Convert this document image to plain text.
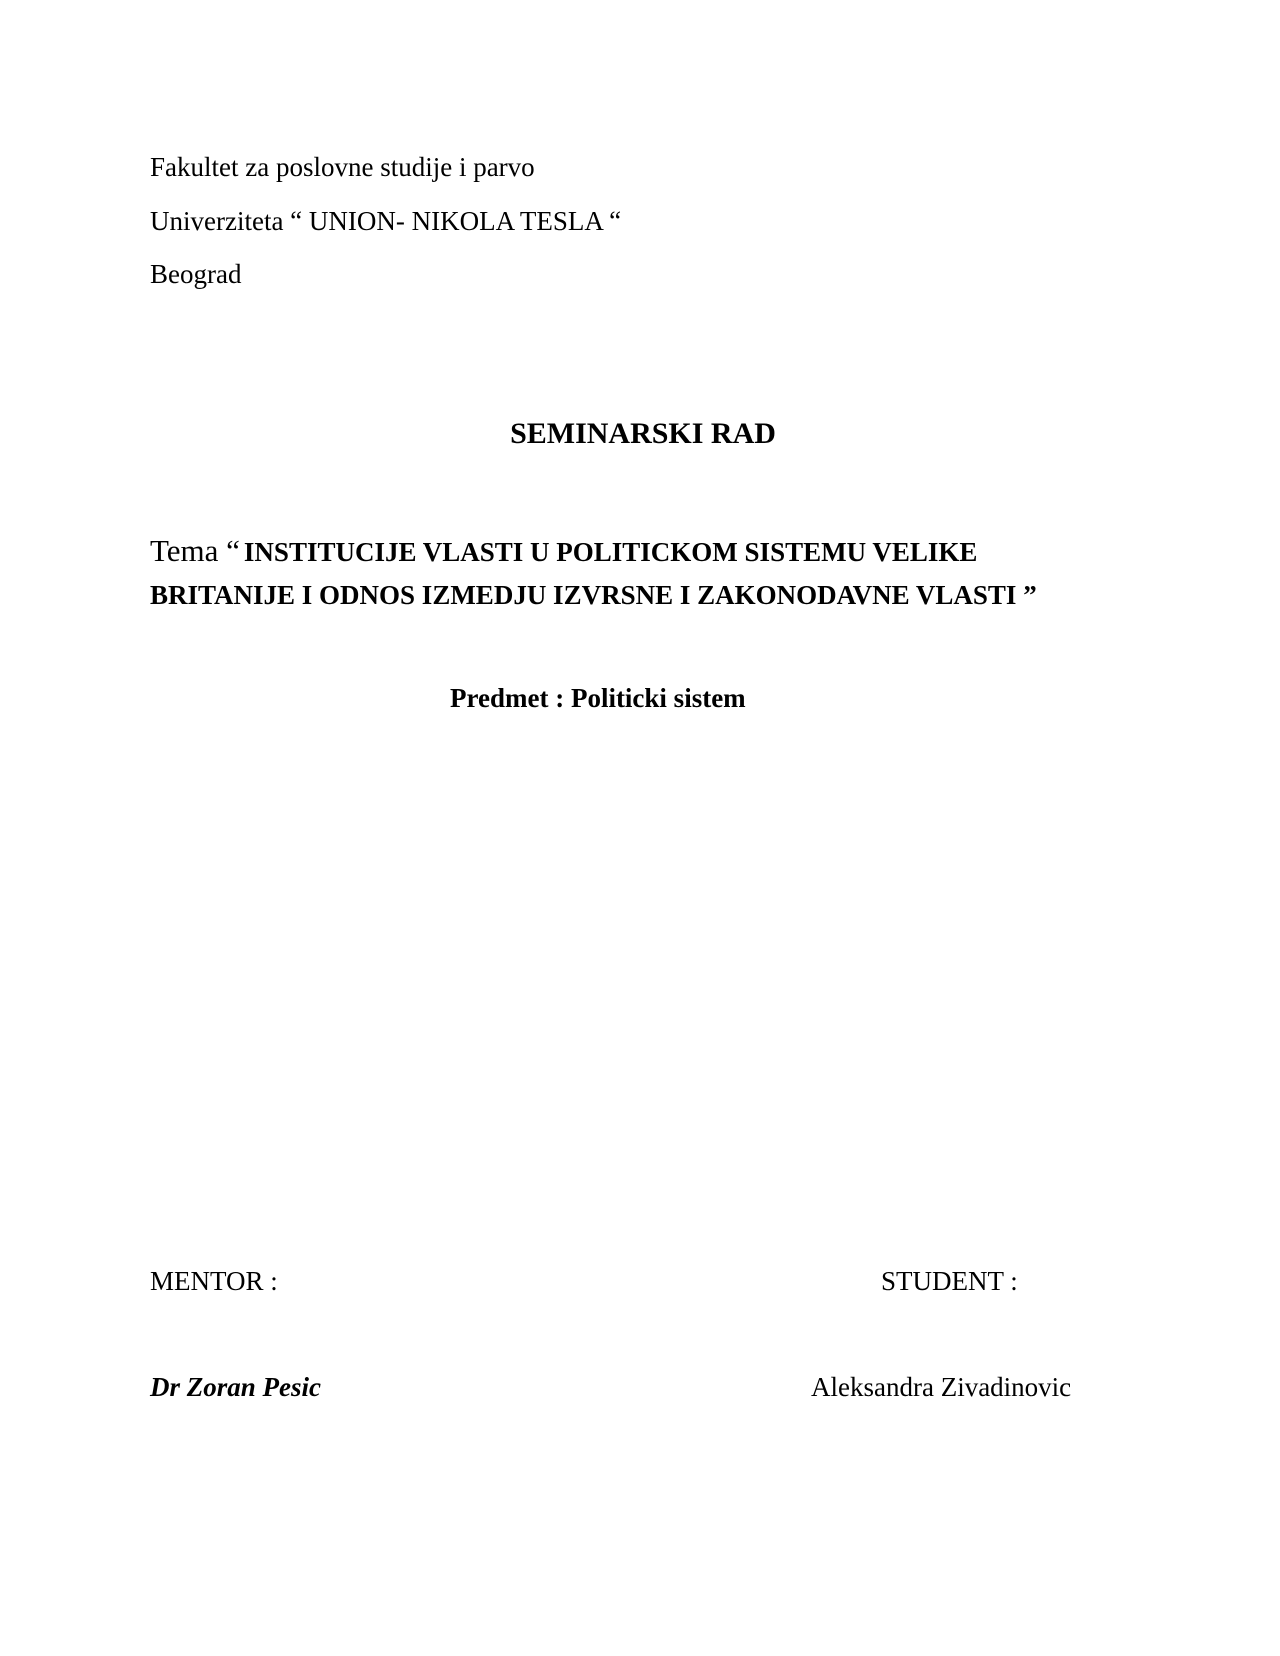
Fakultet za poslovne studije i parvo
Univerziteta “ UNION- NIKOLA TESLA “
Beograd
SEMINARSKI RAD
Tema “ INSTITUCIJE VLASTI U POLITICKOM SISTEMU VELIKE
BRITANIJE I ODNOS IZMEDJU IZVRSNE I ZAKONODAVNE VLASTI ”
Predmet : Politicki sistem
MENTOR :	STUDENT :
Dr Zoran Pesic	Aleksandra Zivadinovic
